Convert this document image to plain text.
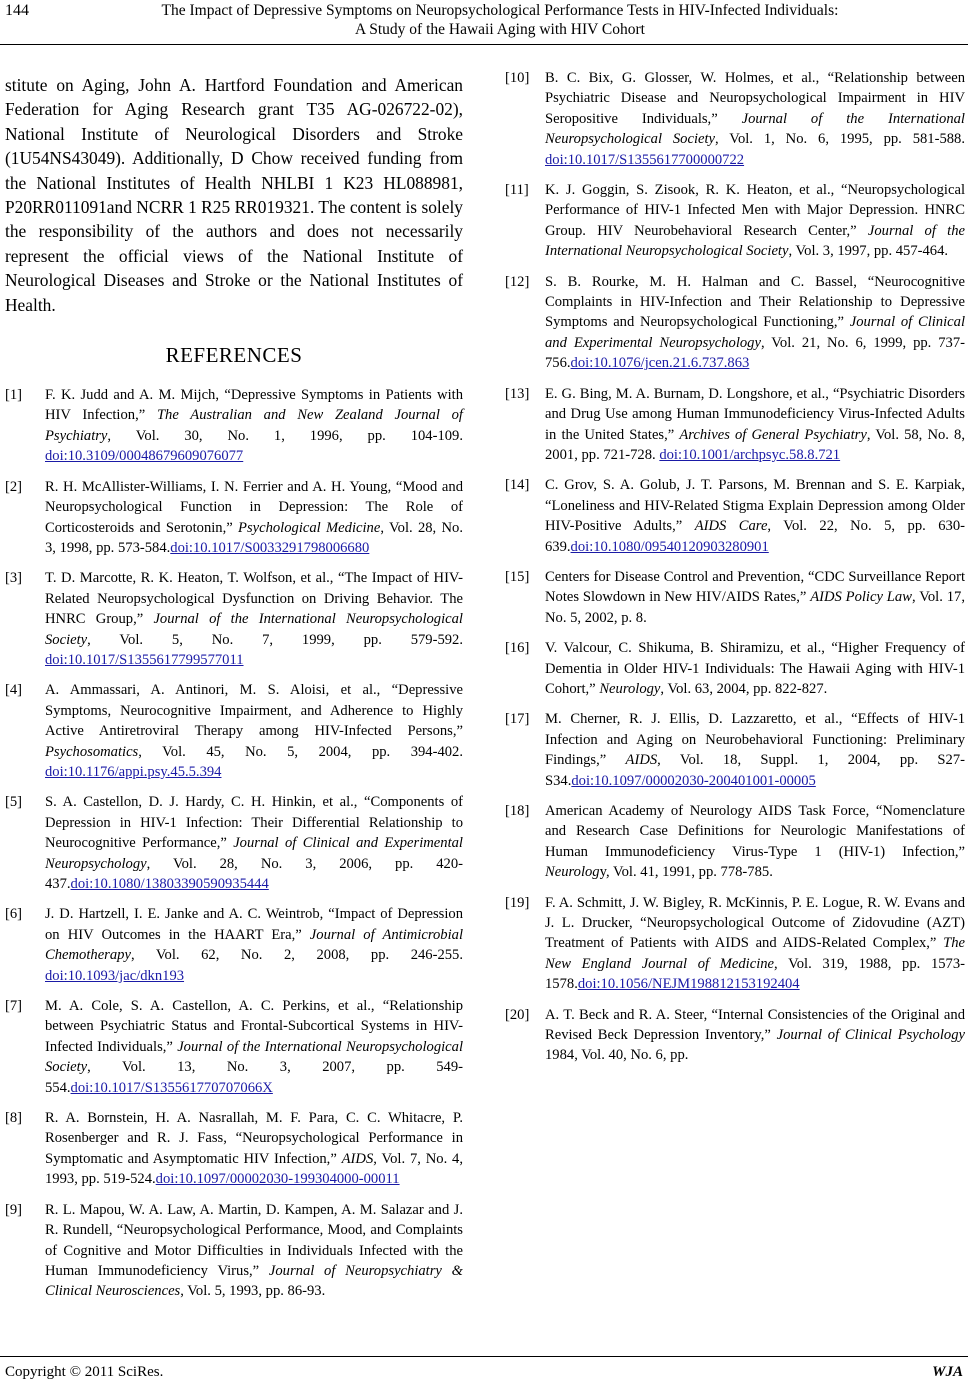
144	The Impact of Depressive Symptoms on Neuropsychological Performance Tests in HIV-Infected Individuals:
A Study of the Hawaii Aging with HIV Cohort

stitute on Aging, John A. Hartford Foundation and American Federation for Aging Research grant T35 AG-026722-02), National Institute of Neurological Disorders and Stroke (1U54NS43049). Additionally, D Chow received funding from the National Institutes of Health NHLBI 1 K23 HL088981, P20RR011091and NCRR 1 R25 RR019321. The content is solely the responsibility of the authors and does not necessarily represent the official views of the National Institute of Neurological Diseases and Stroke or the National Institutes of Health.

REFERENCES
[1]	F. K. Judd and A. M. Mijch, “Depressive Symptoms in Patients with HIV Infection,” The Australian and New Zealand Journal of Psychiatry, Vol. 30, No. 1, 1996, pp. 104-109. doi:10.3109/00048679609076077

[2]	R. H. McAllister-Williams, I. N. Ferrier and A. H. Young, “Mood and Neuropsychological Function in Depression: The Role of Corticosteroids and Serotonin,” Psychological Medicine, Vol. 28, No. 3, 1998, pp. 573-584.doi:10.1017/S0033291798006680

[3]	T. D. Marcotte, R. K. Heaton, T. Wolfson, et al., “The Impact of HIV-Related Neuropsychological Dysfunction on Driving Behavior. The HNRC Group,” Journal of the International Neuropsychological Society, Vol. 5, No. 7, 1999, pp. 579-592. doi:10.1017/S1355617799577011

[4]	A. Ammassari, A. Antinori, M. S. Aloisi, et al., “Depressive Symptoms, Neurocognitive Impairment, and Adherence to Highly Active Antiretroviral Therapy among HIV-Infected Persons,” Psychosomatics, Vol. 45, No. 5, 2004, pp. 394-402. doi:10.1176/appi.psy.45.5.394

[5]	S. A. Castellon, D. J. Hardy, C. H. Hinkin, et al., “Components of Depression in HIV-1 Infection: Their Differential Relationship to Neurocognitive Performance,” Journal of Clinical and Experimental Neuropsychology, Vol. 28, No. 3, 2006, pp. 420-437.doi:10.1080/13803390590935444

[6]	J. D. Hartzell, I. E. Janke and A. C. Weintrob, “Impact of Depression on HIV Outcomes in the HAART Era,” Journal of Antimicrobial Chemotherapy, Vol. 62, No. 2, 2008, pp. 246-255. doi:10.1093/jac/dkn193

[7]	M. A. Cole, S. A. Castellon, A. C. Perkins, et al., “Relationship between Psychiatric Status and Frontal-Subcortical Systems in HIV-Infected Individuals,” Journal of the International Neuropsychological Society, Vol. 13, No. 3, 2007, pp. 549-554.doi:10.1017/S135561770707066X

[8]	R. A. Bornstein, H. A. Nasrallah, M. F. Para, C. C. Whitacre, P. Rosenberger and R. J. Fass, “Neuropsychological Performance in Symptomatic and Asymptomatic HIV Infection,” AIDS, Vol. 7, No. 4, 1993, pp. 519-524.doi:10.1097/00002030-199304000-00011

[9]	R. L. Mapou, W. A. Law, A. Martin, D. Kampen, A. M. Salazar and J. R. Rundell, “Neuropsychological Performance, Mood, and Complaints of Cognitive and Motor Difficulties in Individuals Infected with the Human Immunodeficiency Virus,” Journal of Neuropsychiatry & Clinical Neurosciences, Vol. 5, 1993, pp. 86-93.

[10]	B. C. Bix, G. Glosser, W. Holmes, et al., “Relationship between Psychiatric Disease and Neuropsychological Impairment in HIV Seropositive Individuals,” Journal of the International Neuropsychological Society, Vol. 1, No. 6, 1995, pp. 581-588. doi:10.1017/S1355617700000722

[11]	K. J. Goggin, S. Zisook, R. K. Heaton, et al., “Neuropsychological Performance of HIV-1 Infected Men with Major Depression. HNRC Group. HIV Neurobehavioral Research Center,” Journal of the International Neuropsychological Society, Vol. 3, 1997, pp. 457-464.

[12]	S. B. Rourke, M. H. Halman and C. Bassel, “Neurocognitive Complaints in HIV-Infection and Their Relationship to Depressive Symptoms and Neuropsychological Functioning,” Journal of Clinical and Experimental Neuropsychology, Vol. 21, No. 6, 1999, pp. 737-756.doi:10.1076/jcen.21.6.737.863

[13]	E. G. Bing, M. A. Burnam, D. Longshore, et al., “Psychiatric Disorders and Drug Use among Human Immunodeficiency Virus-Infected Adults in the United States,” Archives of General Psychiatry, Vol. 58, No. 8, 2001, pp. 721-728. doi:10.1001/archpsyc.58.8.721

[14]	C. Grov, S. A. Golub, J. T. Parsons, M. Brennan and S. E. Karpiak, “Loneliness and HIV-Related Stigma Explain Depression among Older HIV-Positive Adults,” AIDS Care, Vol. 22, No. 5, pp. 630-639.doi:10.1080/09540120903280901

[15]	Centers for Disease Control and Prevention, “CDC Surveillance Report Notes Slowdown in New HIV/AIDS Rates,” AIDS Policy Law, Vol. 17, No. 5, 2002, p. 8.

[16]	V. Valcour, C. Shikuma, B. Shiramizu, et al., “Higher Frequency of Dementia in Older HIV-1 Individuals: The Hawaii Aging with HIV-1 Cohort,” Neurology, Vol. 63, 2004, pp. 822-827.

[17]	M. Cherner, R. J. Ellis, D. Lazzaretto, et al., “Effects of HIV-1 Infection and Aging on Neurobehavioral Functioning: Preliminary Findings,” AIDS, Vol. 18, Suppl. 1, 2004, pp. S27-S34.doi:10.1097/00002030-200401001-00005

[18]	American Academy of Neurology AIDS Task Force, “Nomenclature and Research Case Definitions for Neurologic Manifestations of Human Immunodeficiency Virus-Type 1 (HIV-1) Infection,” Neurology, Vol. 41, 1991, pp. 778-785.

[19]	F. A. Schmitt, J. W. Bigley, R. McKinnis, P. E. Logue, R. W. Evans and J. L. Drucker, “Neuropsychological Outcome of Zidovudine (AZT) Treatment of Patients with AIDS and AIDS-Related Complex,” The New England Journal of Medicine, Vol. 319, 1988, pp. 1573-1578.doi:10.1056/NEJM198812153192404

[20]	A. T. Beck and R. A. Steer, “Internal Consistencies of the Original and Revised Beck Depression Inventory,” Journal of Clinical Psychology 1984, Vol. 40, No. 6, pp.

Copyright © 2011 SciRes.	WJA
